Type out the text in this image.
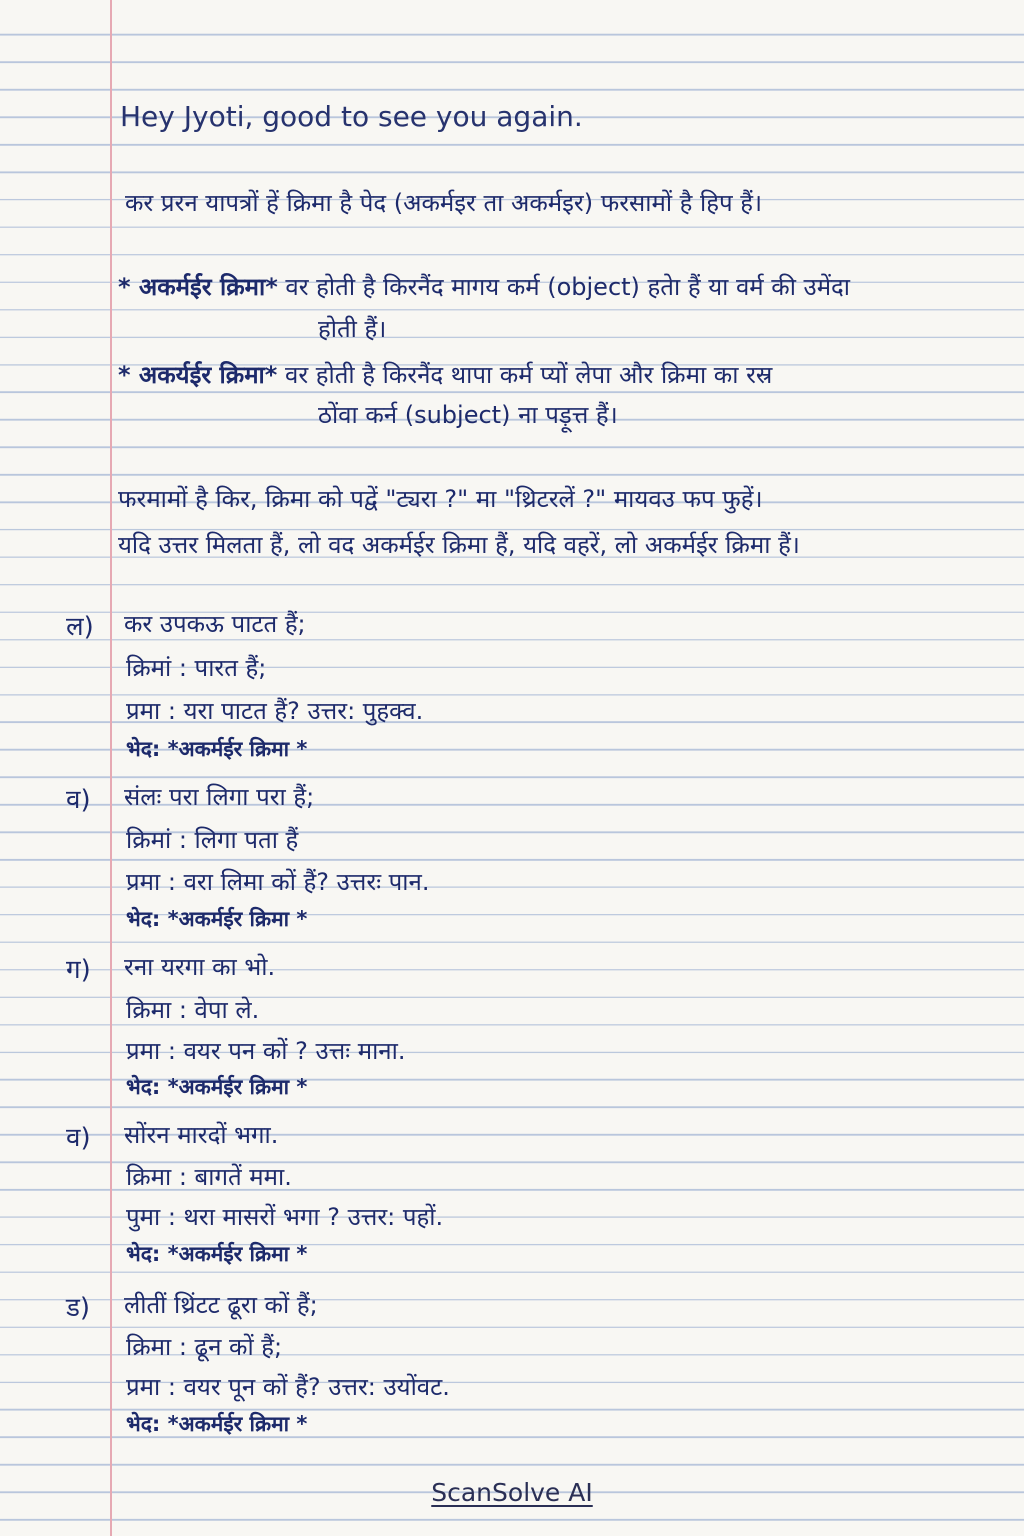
Hey Jyoti, good to see you again.
कर प्ररन यापत्रों हें क्रिमा है पेद (अकर्मइर ता अकर्मइर) फरसामों है हिप हैं।
* अकर्मर्ईर क्रिमा* वर होती है किरनैंद मागय कर्म (object) हतेा हैं या वर्म की उमेंदा
होती हैं।
* अकर्यईर क्रिमा* वर होती है किरनैंद थापा कर्म प्यों लेपा और क्रिमा का रस्र
ठोंवा कर्न (subject) ना पड़ूत्त हैं।
फरमामों है किर, क्रिमा को पद्वें "ट्यरा ?" मा "थ्रिटरलें ?" मायवउ फप फुहें।
यदि उत्तर मिलता हैं, लो वद अकर्मईर क्रिमा हैं, यदि वहरें, लो अकर्मईर क्रिमा हैं।
ल) कर उपकऊ पाटत हैं;
क्रिमां : पारत हैं;
प्रमा : यरा पाटत हैं? उत्तर: पुहक्व.
भेद: *अकर्मईर क्रिमा *
व) संलः परा लिगा परा हैं;
क्रिमां : लिगा पता हैं
प्रमा : वरा लिमा कों हैं? उत्तरः पान.
भेद: *अकर्मईर क्रिमा *
ग) रना यरगा का भो.
क्रिमा : वेपा ले.
प्रमा : वयर पन कों ? उत्तः माना.
भेद: *अकर्मईर क्रिमा *
व) सोंरन मारदों भगा.
क्रिमा : बागतें ममा.
पुमा : थरा मासरों भगा ? उत्तर: पहों.
भेद: *अकर्मईर क्रिमा *
ड) लीतीं थ्रिंटट ढूरा कों हैं;
क्रिमा : ढून कों हैं;
प्रमा : वयर पून कों हैं? उत्तर: उयोंवट.
भेद: *अकर्मईर क्रिमा *
ScanSolve AI
